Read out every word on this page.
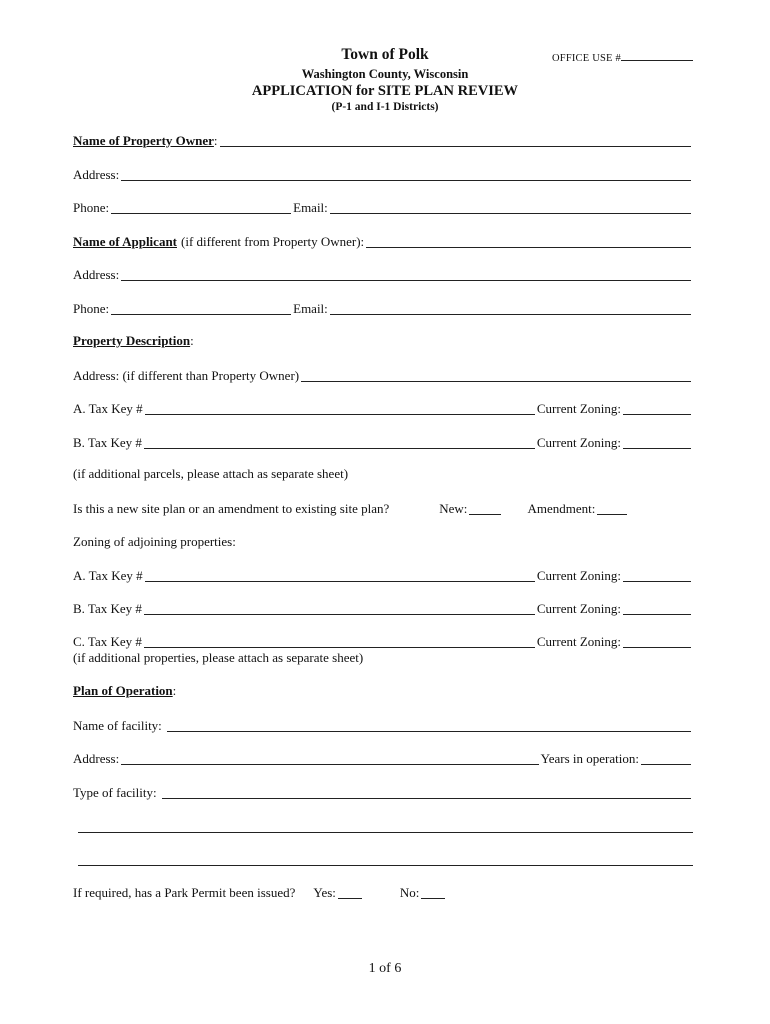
Town of Polk	OFFICE USE #
Washington County, Wisconsin
APPLICATION for SITE PLAN REVIEW
(P-1 and I-1 Districts)
Name of Property Owner :
Address:
Phone:	Email:
Name of Applicant (if different from Property Owner):
Address:
Phone:	Email:
Property Description:
Address: (if different than Property Owner)
A. Tax Key #	Current Zoning:
B. Tax Key #	Current Zoning:
(if additional parcels, please attach as separate sheet)
Is this a new site plan or an amendment to existing site plan?	New:	Amendment:
Zoning of adjoining properties:
A. Tax Key #	Current Zoning:
B. Tax Key #	Current Zoning:
C. Tax Key #	Current Zoning:
(if additional properties, please attach as separate sheet)
Plan of Operation:
Name of facility:
Address:	Years in operation:
Type of facility:
If required, has a Park Permit been issued? Yes:	No:
1 of 6
